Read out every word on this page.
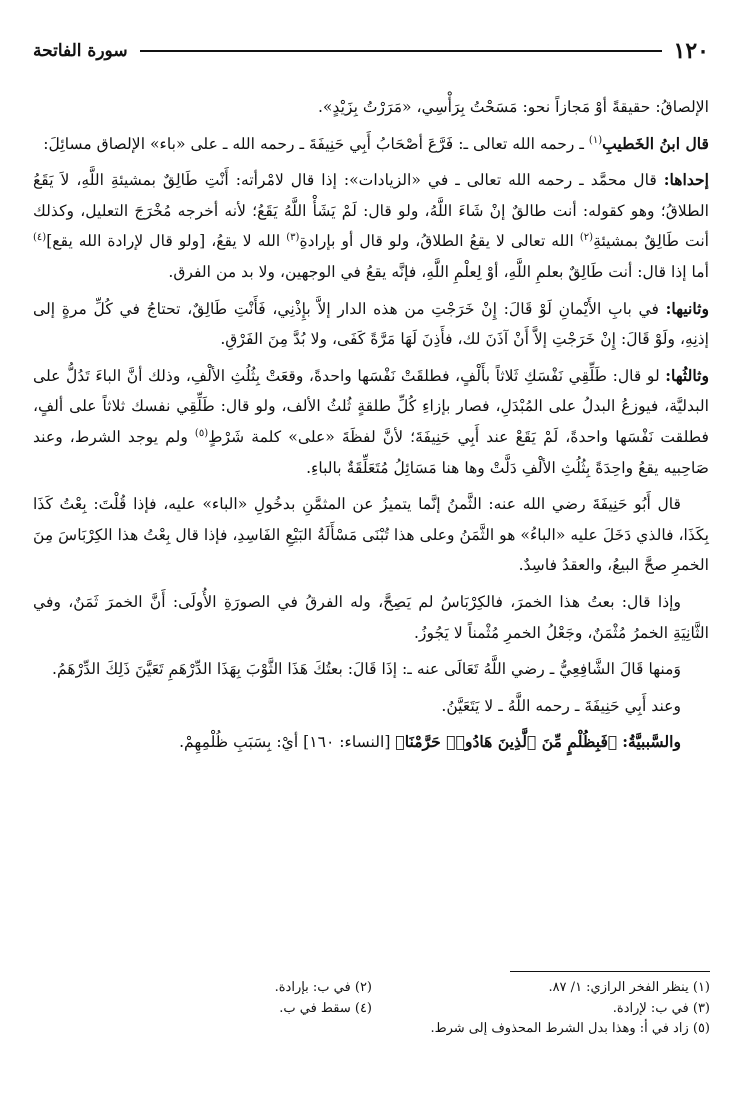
سورة الفاتحة	١٢٠

الإلصاقُ: حقيقةً أوْ مَجازاً نحو: مَسَحْتُ بِرَأْسِي، «مَرَرْتُ بِزَيْدٍ».

قال ابنُ الخَطيبِ$^{(١)}$ ـ رحمه الله تعالى ـ: فَرَّعَ أصْحَابُ أَبِي حَنِيفَةَ ـ رحمه الله ـ على «باء» الإلصاق مسائِلَ:

إحداها: قال محمَّد ـ رحمه الله تعالى ـ في «الزيادات»: إذا قال لامْرأته: أَنْتِ طَالِقٌ بمشيئةِ اللَّهِ، لاَ يَقَعُ الطلاقُ؛ وهو كقوله: أنت طالقٌ إنْ شَاءَ اللَّهُ، ولو قال: لَمْ يَشَأْ اللَّهُ يَقَعُ؛ لأنه أخرجه مُخْرَجَ التعليل، وكذلك أنت طَالِقٌ بمشيئةِ$^{(٢)}$ الله تعالى لا يقعُ الطلاقُ، ولو قال أو بإرادةِ$^{(٣)}$ الله لا يقعُ، [ولو قال لإرادة الله يقع]$^{(٤)}$ أما إذا قال: أنت طَالِقٌ بعلمِ اللَّهِ، أوْ لِعلْمِ اللَّهِ، فإنَّه يقعُ في الوجهين، ولا بد من الفرق.

وثانيها: في بابِ الأَيْمانِ لَوْ قَالَ: إِنْ خَرَجْتِ من هذه الدار إلاَّ بإِذْنِي، فَأَنْتِ طَالِقٌ، تحتاجُ في كُلِّ مرةٍ إلى إذنِهِ، ولَوْ قَالَ: إِنْ خَرَجْتِ إلاَّ أَنْ آذَنَ لك، فأَذِنَ لَهَا مَرَّةً كَفَى، ولا بُدَّ مِنَ الفَرْقِ.

وثالثُها: لو قال: طَلِّقِي نَفْسَكِ ثَلاثاً بأَلْفٍ، فطلقَتْ نَفْسَها واحدةً، وقعَتْ بِثُلُثِ الألْفِ، وذلك أنَّ الباءَ تَدُلُّ على البدليَّة، فيوزعُ البدلُ على المُبْدَلِ، فصار بإزاءِ كُلِّ طلقةٍ ثُلثُ الألف، ولو قال: طَلِّقِي نفسك ثلاثاً على ألفٍ، فطلقت نَفْسَها واحدةً، لَمْ يَقَعْ عند أَبِي حَنِيفَةَ؛ لأنَّ لفظَةَ «على» كلمة شَرْطٍ$^{(٥)}$ ولم يوجد الشرط، وعند صَاحِبيه يقعُ واحِدَةً بِثُلُثِ الألْفِ دَلَّتْ وها هنا مَسَائِلُ مُتَعَلِّقَةٌ بالباءِ.

قال أَبُو حَنِيفَةَ رضي الله عنه: الثَّمنُ إنَّما يتميزُ عن المثمَّنِ بدخُولِ «الباء» عليه، فإذا قُلْتَ: بِعْتُ كَذَا بِكَذَا، فالذي دَخَلَ عليه «الباءُ» هو الثَّمَنُ وعلى هذا تُبْنَى مَسْأَلَةُ البَيْعِ الفَاسِدِ، فإذا قال بِعْتُ هذا الكِرْبَاسَ مِنَ الخمرِ صحَّ البيعُ، والعقدُ فاسِدٌ.

وإذا قال: بعتُ هذا الخمرَ، فالكِرْبَاسُ لم يَصِحَّ، وله الفرقُ في الصورَةِ الأُولَى: أَنَّ الخمرَ ثَمَنٌ، وفي الثَّانِيَةِ الخمرُ مُثْمَنٌ، وجَعْلُ الخمرِ مُثْمناً لا يَجُوزُ.

وَمنها قَالَ الشَّافِعِيُّ ـ رضي اللَّهُ تَعَالَى عنه ـ: إذَا قَالَ: بعتُكَ هَذَا الثَّوْبَ بِهَذَا الدِّرْهَمِ تَعَيَّنَ ذَلِكَ الدِّرْهَمُ.

وعند أَبِي حَنِيفَةَ ـ رحمه اللَّهُ ـ لا يَتَعَيَّنُ.

والسَّببيَّةُ: ﴿فَبِظُلْمٍ مِّنَ ٱلَّذِينَ هَادُوا۟ حَرَّمْنَا﴾ [النساء: ١٦٠] أيْ: بِسَبَبِ ظُلْمِهِمْ.

(١) ينظر الفخر الرازي: ١/ ٨٧.
(٢) في ب: بإرادة.
(٣) في ب: لإرادة.
(٤) سقط في ب.
(٥) زاد في أ: وهذا بدل الشرط المحذوف إلى شرط.
